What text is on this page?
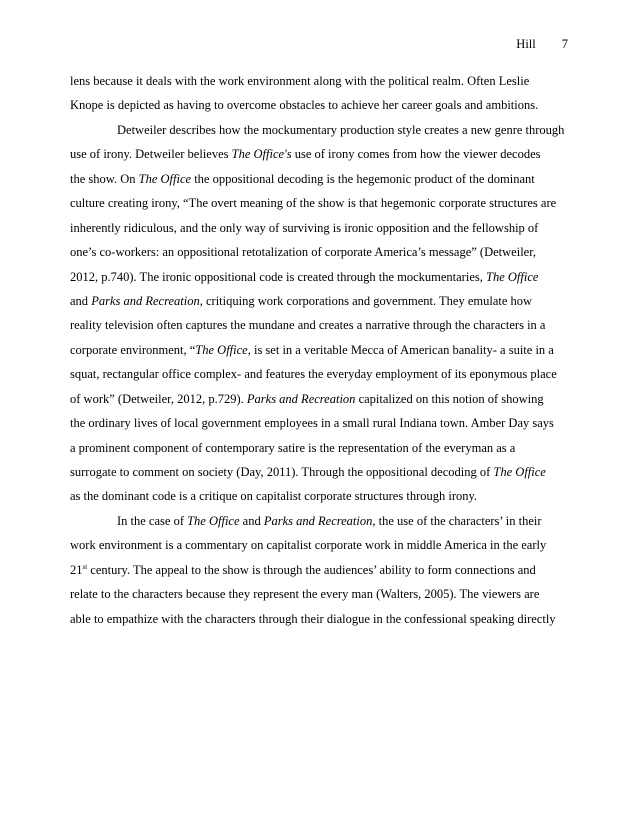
Hill 7
lens because it deals with the work environment along with the political realm. Often Leslie
Knope is depicted as having to overcome obstacles to achieve her career goals and ambitions.
Detweiler describes how the mockumentary production style creates a new genre through
use of irony. Detweiler believes The Office's use of irony comes from how the viewer decodes
the show. On The Office the oppositional decoding is the hegemonic product of the dominant
culture creating irony, “The overt meaning of the show is that hegemonic corporate structures are
inherently ridiculous, and the only way of surviving is ironic opposition and the fellowship of
one’s co-workers: an oppositional retotalization of corporate America’s message” (Detweiler,
2012, p.740). The ironic oppositional code is created through the mockumentaries, The Office
and Parks and Recreation, critiquing work corporations and government. They emulate how
reality television often captures the mundane and creates a narrative through the characters in a
corporate environment, “The Office, is set in a veritable Mecca of American banality- a suite in a
squat, rectangular office complex- and features the everyday employment of its eponymous place
of work” (Detweiler, 2012, p.729). Parks and Recreation capitalized on this notion of showing
the ordinary lives of local government employees in a small rural Indiana town. Amber Day says
a prominent component of contemporary satire is the representation of the everyman as a
surrogate to comment on society (Day, 2011). Through the oppositional decoding of The Office
as the dominant code is a critique on capitalist corporate structures through irony.
In the case of The Office and Parks and Recreation, the use of the characters’ in their
work environment is a commentary on capitalist corporate work in middle America in the early
21st century. The appeal to the show is through the audiences’ ability to form connections and
relate to the characters because they represent the every man (Walters, 2005). The viewers are
able to empathize with the characters through their dialogue in the confessional speaking directly
